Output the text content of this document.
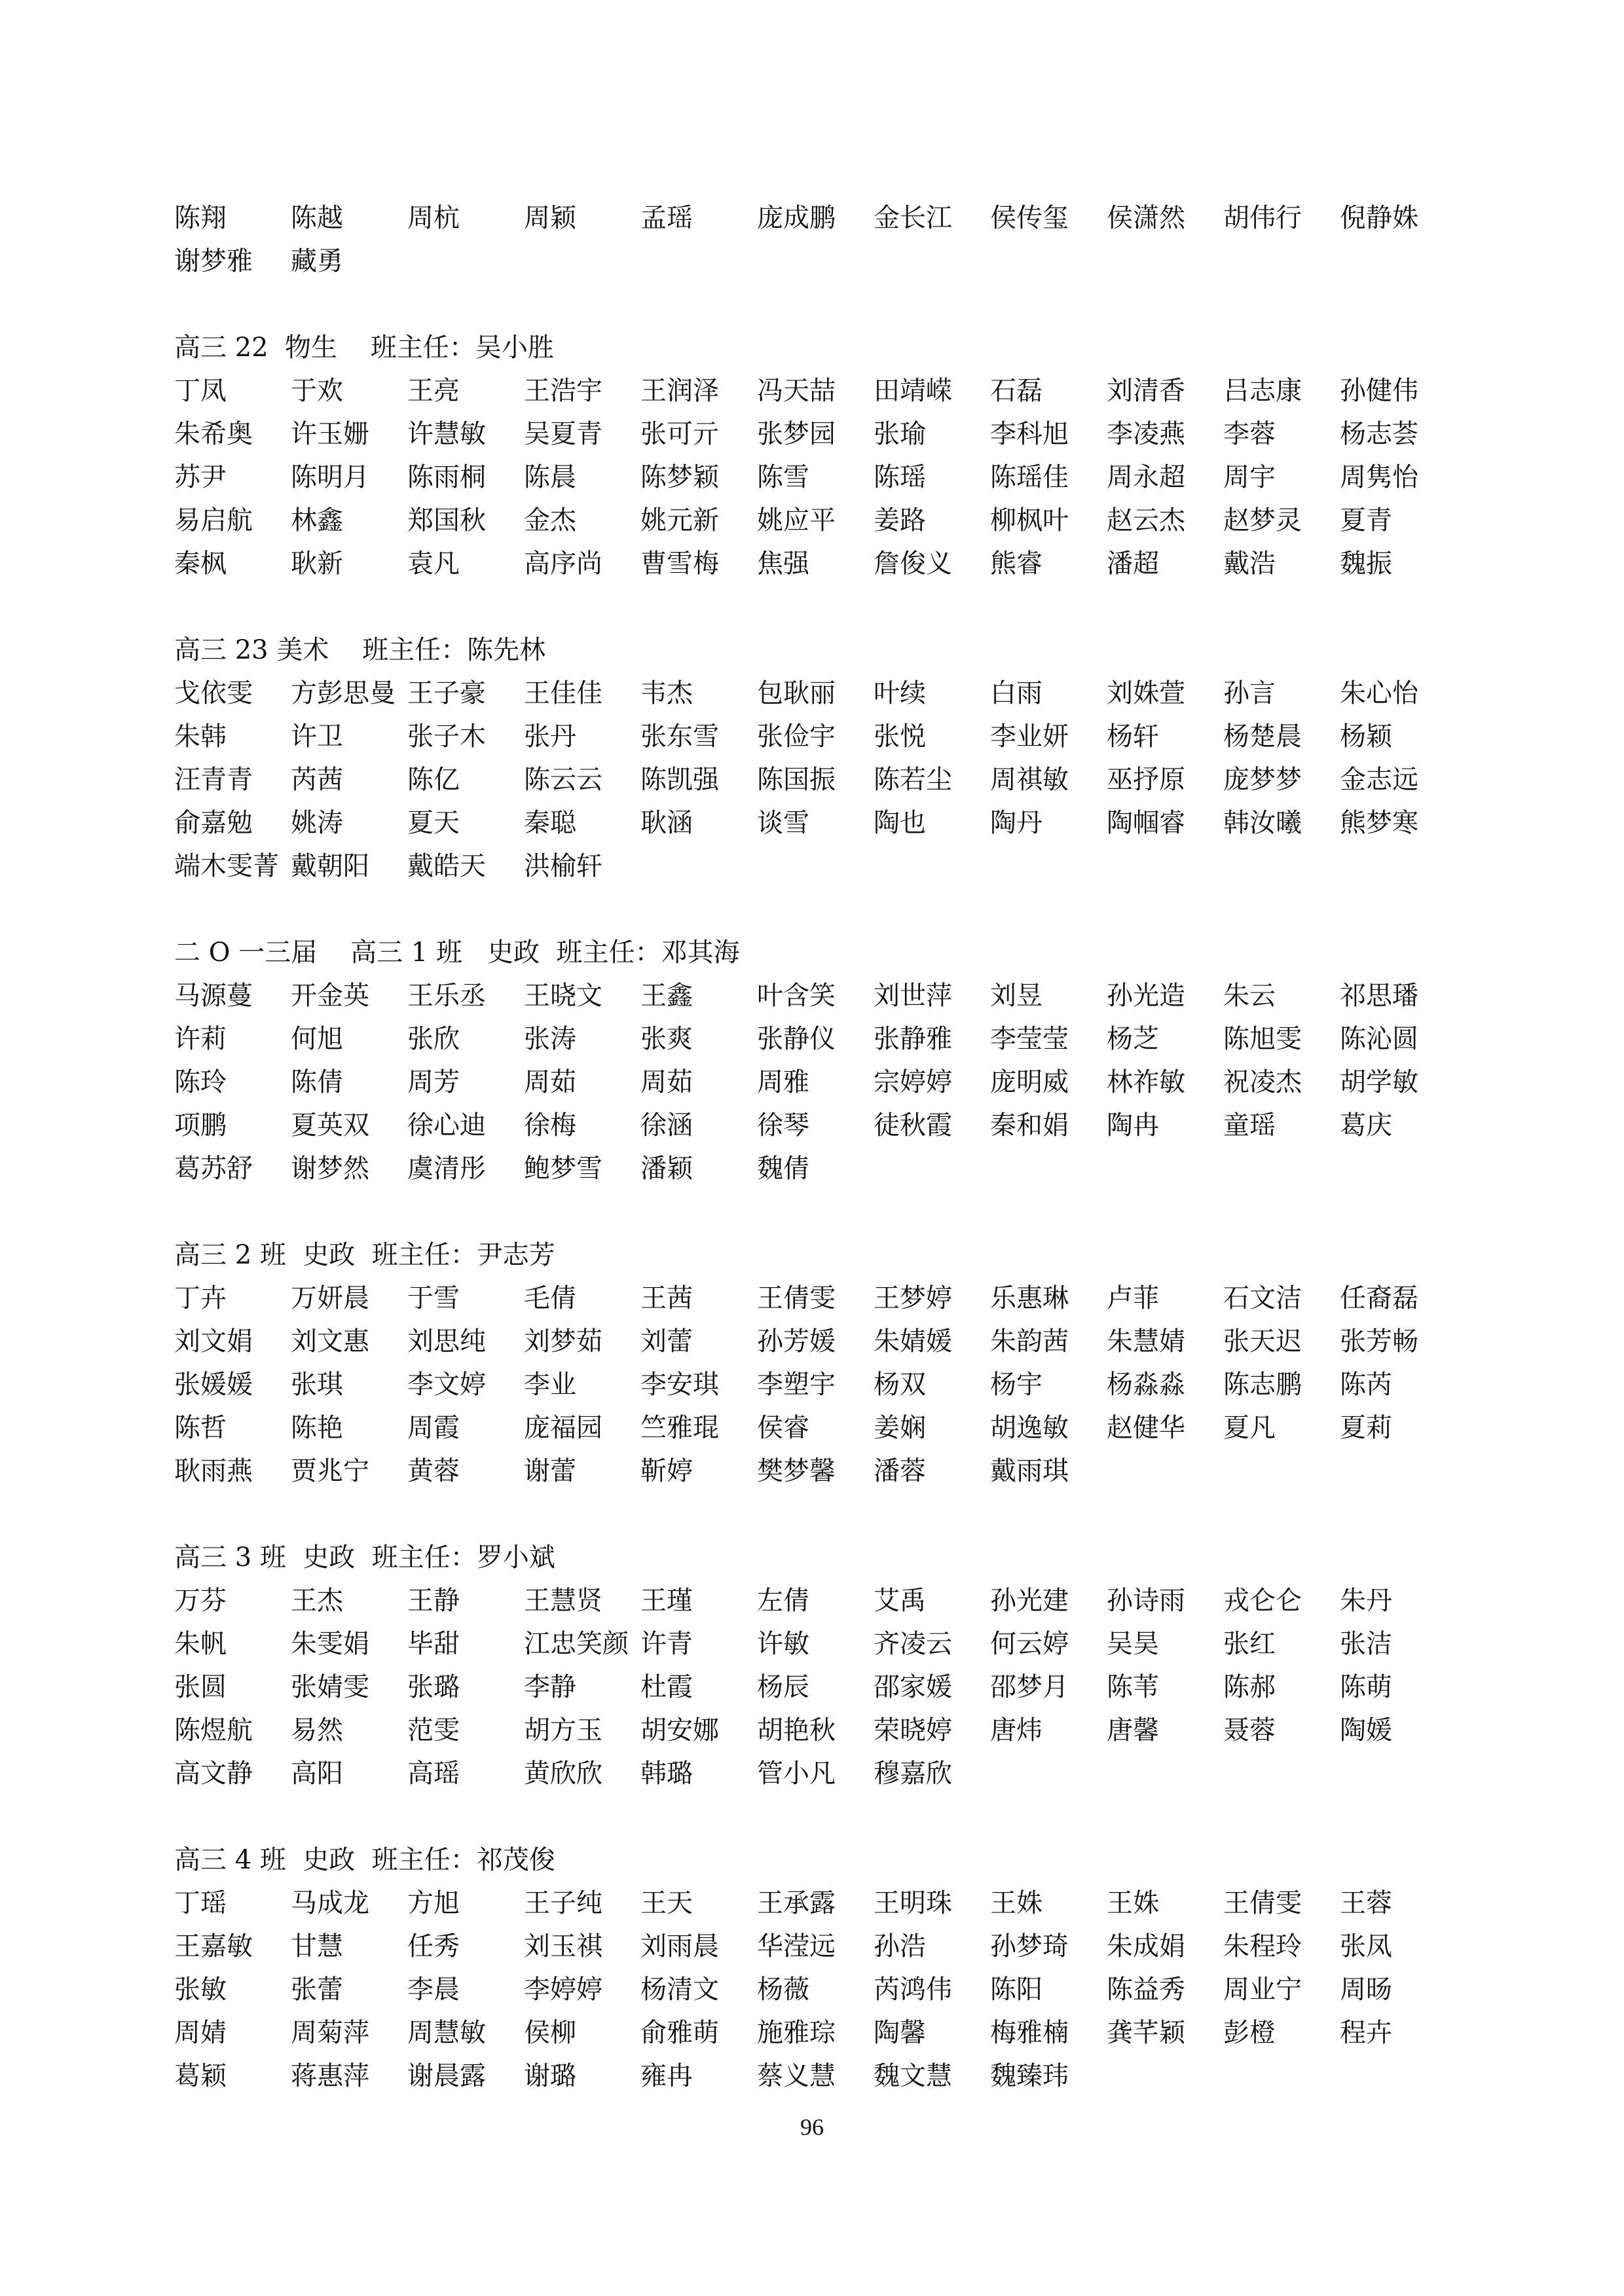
陈翔 陈越 周杭 周颖 孟瑶 庞成鹏 金长江 侯传玺 侯潇然 胡伟行 倪静姝
谢梦雅 藏勇
高三 22  物生    班主任：吴小胜
丁凤 于欢 王亮 王浩宇 王润泽 冯天喆 田靖嵘 石磊 刘清香 吕志康 孙健伟
朱希奥 许玉姗 许慧敏 吴夏青 张可亓 张梦园 张瑜 李科旭 李凌燕 李蓉 杨志荟
苏尹 陈明月 陈雨桐 陈晨 陈梦颖 陈雪 陈瑶 陈瑶佳 周永超 周宇 周隽怡
易启航 林鑫 郑国秋 金杰 姚元新 姚应平 姜路 柳枫叶 赵云杰 赵梦灵 夏青
秦枫 耿新 袁凡 高序尚 曹雪梅 焦强 詹俊义 熊睿 潘超 戴浩 魏振
高三 23 美术    班主任：陈先林
戈依雯 方彭思曼 王子豪 王佳佳 韦杰 包耿丽 叶续 白雨 刘姝萱 孙言 朱心怡
朱韩 许卫 张子木 张丹 张东雪 张俭宇 张悦 李业妍 杨轩 杨楚晨 杨颖
汪青青 芮茜 陈亿 陈云云 陈凯强 陈国振 陈若尘 周祺敏 巫抒原 庞梦梦 金志远
俞嘉勉 姚涛 夏天 秦聪 耿涵 谈雪 陶也 陶丹 陶帼睿 韩汝曦 熊梦寒
端木雯菁 戴朝阳 戴皓天 洪榆轩
二 O 一三届    高三 1 班   史政  班主任：邓其海
马源蔓 开金英 王乐丞 王晓文 王鑫 叶含笑 刘世萍 刘昱 孙光造 朱云 祁思璠
许莉 何旭 张欣 张涛 张爽 张静仪 张静雅 李莹莹 杨芝 陈旭雯 陈沁圆
陈玲 陈倩 周芳 周茹 周茹 周雅 宗婷婷 庞明威 林祚敏 祝凌杰 胡学敏
项鹏 夏英双 徐心迪 徐梅 徐涵 徐琴 徒秋霞 秦和娟 陶冉 童瑶 葛庆
葛苏舒 谢梦然 虞清彤 鲍梦雪 潘颖 魏倩
高三 2 班  史政  班主任：尹志芳
丁卉 万妍晨 于雪 毛倩 王茜 王倩雯 王梦婷 乐惠琳 卢菲 石文洁 任裔磊
刘文娟 刘文惠 刘思纯 刘梦茹 刘蕾 孙芳媛 朱婧媛 朱韵茜 朱慧婧 张天迟 张芳畅
张媛媛 张琪 李文婷 李业 李安琪 李塑宇 杨双 杨宇 杨淼淼 陈志鹏 陈芮
陈哲 陈艳 周霞 庞福园 竺雅琨 侯睿 姜娴 胡逸敏 赵健华 夏凡 夏莉
耿雨燕 贾兆宁 黄蓉 谢蕾 靳婷 樊梦馨 潘蓉 戴雨琪
高三 3 班  史政  班主任：罗小斌
万芬 王杰 王静 王慧贤 王瑾 左倩 艾禹 孙光建 孙诗雨 戎仑仑 朱丹
朱帆 朱雯娟 毕甜 江忠笑颜 许青 许敏 齐凌云 何云婷 吴昊 张红 张洁
张圆 张婧雯 张璐 李静 杜霞 杨辰 邵家媛 邵梦月 陈苇 陈郝 陈萌
陈煜航 易然 范雯 胡方玉 胡安娜 胡艳秋 荣晓婷 唐炜 唐馨 聂蓉 陶媛
高文静 高阳 高瑶 黄欣欣 韩璐 管小凡 穆嘉欣
高三 4 班  史政  班主任：祁茂俊
丁瑶 马成龙 方旭 王子纯 王天 王承露 王明珠 王姝 王姝 王倩雯 王蓉
王嘉敏 甘慧 任秀 刘玉祺 刘雨晨 华滢远 孙浩 孙梦琦 朱成娟 朱程玲 张凤
张敏 张蕾 李晨 李婷婷 杨清文 杨薇 芮鸿伟 陈阳 陈益秀 周业宁 周旸
周婧 周菊萍 周慧敏 侯柳 俞雅萌 施雅琮 陶馨 梅雅楠 龚芊颖 彭橙 程卉
葛颖 蒋惠萍 谢晨露 谢璐 雍冉 蔡义慧 魏文慧 魏臻玮
96
